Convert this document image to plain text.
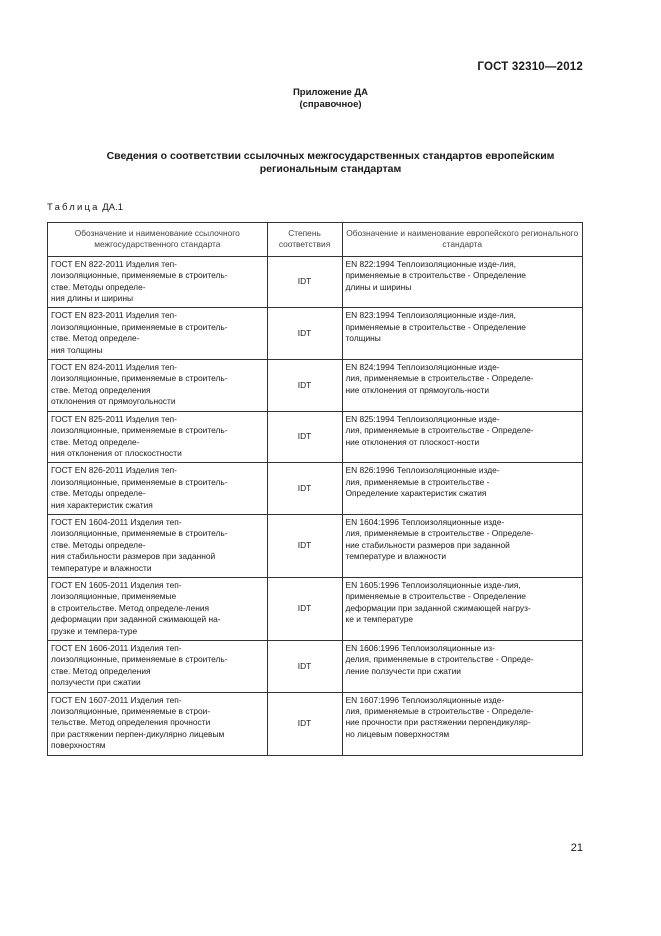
ГОСТ 32310—2012
Приложение ДА
(справочное)
Сведения о соответствии ссылочных межгосударственных стандартов европейским
региональным стандартам
Таблица ДА.1
Обозначение и наименование ссылочного межгосударственного стандарта	Степень соответствия	Обозначение и наименование европейского регионального стандарта
ГОСТ EN 822-2011 Изделия теп-
лоизоляционные, применяемые в строитель-
стве. Методы определе-
ния длины и ширины	IDT	EN 822:1994 Теплоизоляционные изде-лия,
применяемые в строительстве - Определение
длины и ширины
ГОСТ EN 823-2011 Изделия теп-
лоизоляционные, применяемые в строитель-
стве. Метод определе-
ния толщины	IDT	EN 823:1994 Теплоизоляционные изде-лия,
применяемые в строительстве - Определение
толщины
ГОСТ EN 824-2011 Изделия теп-
лоизоляционные, применяемые в строитель-
стве. Метод определения
отклонения от прямоугольности	IDT	EN 824:1994 Теплоизоляционные изде-
лия, применяемые в строительстве - Определе-
ние отклонения от прямоуголь-ности
ГОСТ EN 825-2011 Изделия теп-
лоизоляционные, применяемые в строитель-
стве. Метод определе-
ния отклонения от плоскостности	IDT	EN 825:1994 Теплоизоляционные изде-
лия, применяемые в строительстве - Определе-
ние отклонения от плоскост-ности
ГОСТ EN 826-2011 Изделия теп-
лоизоляционные, применяемые в строитель-
стве. Методы определе-
ния характеристик сжатия	IDT	EN 826:1996 Теплоизоляционные изде-
лия, применяемые в строительстве -
Определение характеристик сжатия
ГОСТ EN 1604-2011 Изделия теп-
лоизоляционные, применяемые в строитель-
стве. Методы определе-
ния стабильности размеров при заданной
температуре и влажности	IDT	EN 1604:1996 Теплоизоляционные изде-
лия, применяемые в строительстве - Определе-
ние стабильности размеров при заданной
температуре и влажности
ГОСТ EN 1605-2011 Изделия теп-
лоизоляционные, применяемые
в строительстве. Метод определе-ления
деформации при заданной сжимающей на-
грузке и темпера-туре	IDT	EN 1605:1996 Теплоизоляционные изде-лия,
применяемые в строительстве - Определение
деформации при заданной сжимающей нагруз-
ке и температуре
ГОСТ EN 1606-2011 Изделия теп-
лоизоляционные, применяемые в строитель-
стве. Метод определения
ползучести при сжатии	IDT	EN 1606:1996 Теплоизоляционные из-
делия, применяемые в строительстве - Опреде-
ление ползучести при сжатии
ГОСТ EN 1607-2011 Изделия теп-
лоизоляционные, применяемые в строи-
тельстве. Метод определения прочности
при растяжении перпен-дикулярно лицевым
поверхностям	IDT	EN 1607:1996 Теплоизоляционные изде-
лия, применяемые в строительстве - Определе-
ние прочности при растяжении перпендикуляр-
но лицевым поверхностям
21
